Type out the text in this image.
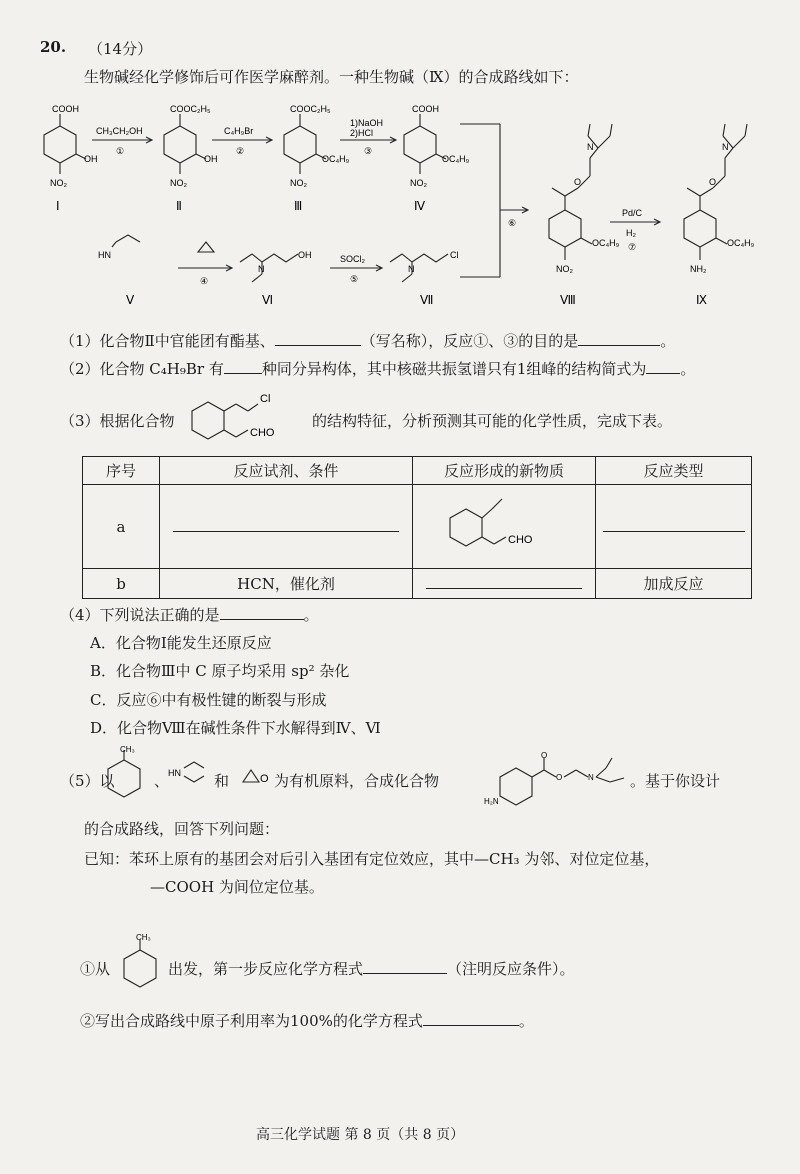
20. （14分）
生物碱经化学修饰后可作医学麻醉剂。一种生物碱（Ⅸ）的合成路线如下：
COOH
OH
NO₂
Ⅰ
COOC₂H₅
OH
NO₂
Ⅱ
COOC₂H₅
OC₄H₉
NO₂
Ⅲ
COOH
OC₄H₉
NO₂
Ⅳ
HN
Ⅴ
OH
N
Ⅵ
Cl
N
Ⅶ
N
O
OC₄H₉
NO₂
Ⅷ
N
O
OC₄H₉
NH₂
Ⅸ
CH₃CH₂OH
①
C₄H₉Br
②
1)NaOH
2)HCl
③
④
SOCl₂
⑤
⑥
Pd/C
H₂
⑦
（1）化合物Ⅱ中官能团有酯基、	（写名称），反应①、③的目的是	。
（2）化合物 C₄H₉Br 有	种同分异构体，其中核磁共振氢谱只有1组峰的结构简式为 。
（3）根据化合物
Cl
CHO
的结构特征，分析预测其可能的化学性质，完成下表。
序号	反应试剂、条件	反应形成的新物质	反应类型
a		CHO	

b	HCN，催化剂		加成反应
（4）下列说法正确的是	。
A．化合物Ⅰ能发生还原反应
B．化合物Ⅲ中 C 原子均采用 sp² 杂化
C．反应⑥中有极性键的断裂与形成
D．化合物Ⅷ在碱性条件下水解得到Ⅳ、Ⅵ
（5）以
CH₃
、
HN 和	O 为有机原料，合成化合物
O
O	N
H₂N
。基于你设计
的合成路线，回答下列问题：
已知：苯环上原有的基团会对后引入基团有定位效应，其中—CH₃ 为邻、对位定位基，
—COOH 为间位定位基。
①从
CH₃
出发，第一步反应化学方程式	（注明反应条件）。
②写出合成路线中原子利用率为100%的化学方程式	。
高三化学试题 第 8 页（共 8 页）
